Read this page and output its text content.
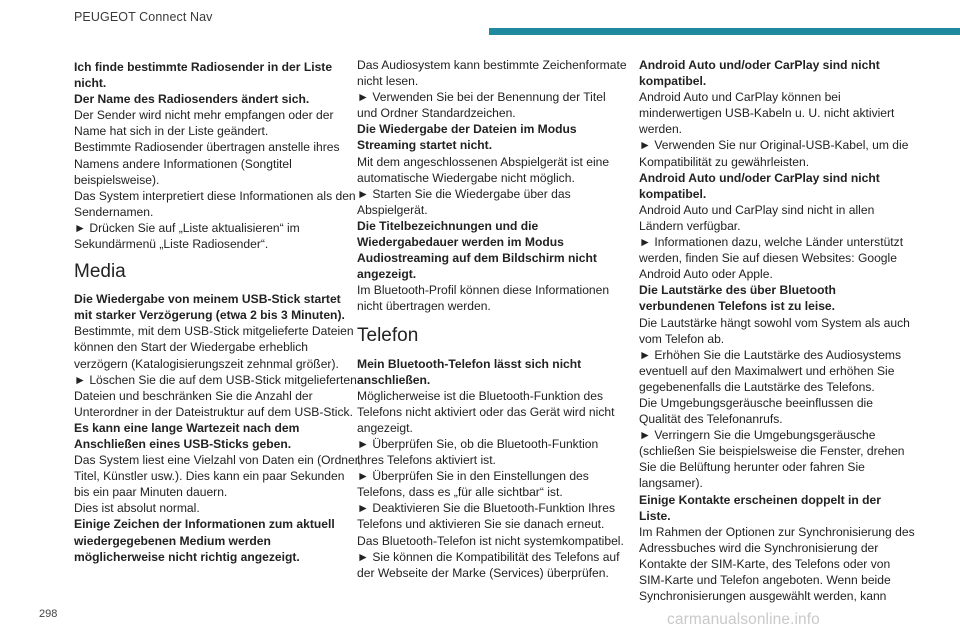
PEUGEOT Connect Nav

Ich finde bestimmte Radiosender in der Liste nicht.

Der Name des Radiosenders ändert sich.

Der Sender wird nicht mehr empfangen oder der Name hat sich in der Liste geändert.

Bestimmte Radiosender übertragen anstelle ihres Namens andere Informationen (Songtitel beispielsweise).

Das System interpretiert diese Informationen als den Sendernamen.

► Drücken Sie auf „Liste aktualisieren“ im Sekundärmenü „Liste Radiosender“.

Media

Die Wiedergabe von meinem USB-Stick startet mit starker Verzögerung (etwa 2 bis 3 Minuten).

Bestimmte, mit dem USB-Stick mitgelieferte Dateien können den Start der Wiedergabe erheblich verzögern (Katalogisierungszeit zehnmal größer).

► Löschen Sie die auf dem USB-Stick mitgelieferten Dateien und beschränken Sie die Anzahl der Unterordner in der Dateistruktur auf dem USB-Stick.

Es kann eine lange Wartezeit nach dem Anschließen eines USB-Sticks geben.

Das System liest eine Vielzahl von Daten ein (Ordner, Titel, Künstler usw.). Dies kann ein paar Sekunden bis ein paar Minuten dauern.

Dies ist absolut normal.

Einige Zeichen der Informationen zum aktuell wiedergegebenen Medium werden möglicherweise nicht richtig angezeigt.

Das Audiosystem kann bestimmte Zeichenformate nicht lesen.

► Verwenden Sie bei der Benennung der Titel und Ordner Standardzeichen.

Die Wiedergabe der Dateien im Modus Streaming startet nicht.

Mit dem angeschlossenen Abspielgerät ist eine automatische Wiedergabe nicht möglich.

► Starten Sie die Wiedergabe über das Abspielgerät.

Die Titelbezeichnungen und die Wiedergabedauer werden im Modus Audiostreaming auf dem Bildschirm nicht angezeigt.

Im Bluetooth-Profil können diese Informationen nicht übertragen werden.

Telefon

Mein Bluetooth-Telefon lässt sich nicht anschließen.

Möglicherweise ist die Bluetooth-Funktion des Telefons nicht aktiviert oder das Gerät wird nicht angezeigt.

► Überprüfen Sie, ob die Bluetooth-Funktion Ihres Telefons aktiviert ist.

► Überprüfen Sie in den Einstellungen des Telefons, dass es „für alle sichtbar“ ist.

► Deaktivieren Sie die Bluetooth-Funktion Ihres Telefons und aktivieren Sie sie danach erneut.

Das Bluetooth-Telefon ist nicht systemkompatibel.

► Sie können die Kompatibilität des Telefons auf der Webseite der Marke (Services) überprüfen.

Android Auto und/oder CarPlay sind nicht kompatibel.

Android Auto und CarPlay können bei minderwertigen USB-Kabeln u. U. nicht aktiviert werden.

► Verwenden Sie nur Original-USB-Kabel, um die Kompatibilität zu gewährleisten.

Android Auto und/oder CarPlay sind nicht kompatibel.

Android Auto und CarPlay sind nicht in allen Ländern verfügbar.

► Informationen dazu, welche Länder unterstützt werden, finden Sie auf diesen Websites: Google Android Auto oder Apple.

Die Lautstärke des über Bluetooth verbundenen Telefons ist zu leise.

Die Lautstärke hängt sowohl vom System als auch vom Telefon ab.

► Erhöhen Sie die Lautstärke des Audiosystems eventuell auf den Maximalwert und erhöhen Sie gegebenenfalls die Lautstärke des Telefons.

Die Umgebungsgeräusche beeinflussen die Qualität des Telefonanrufs.

► Verringern Sie die Umgebungsgeräusche (schließen Sie beispielsweise die Fenster, drehen Sie die Belüftung herunter oder fahren Sie langsamer).

Einige Kontakte erscheinen doppelt in der Liste.

Im Rahmen der Optionen zur Synchronisierung des Adressbuches wird die Synchronisierung der Kontakte der SIM-Karte, des Telefons oder von SIM-Karte und Telefon angeboten. Wenn beide Synchronisierungen ausgewählt werden, kann

298	carmanualsonline.info
